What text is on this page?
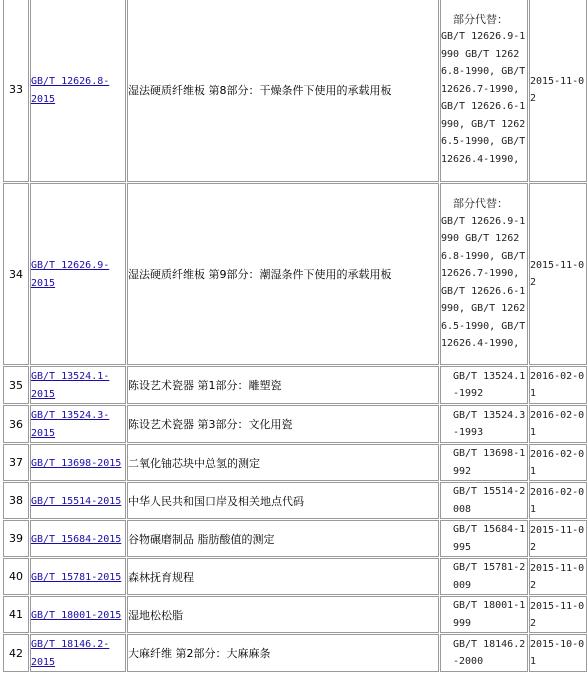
33	GB/T 12626.8-2015	湿法硬质纤维板 第8部分：干燥条件下使用的承载用板	部分代替：
GB/T 12626.9-1990 GB/T 12626.8-1990, GB/T 12626.7-1990, GB/T 12626.6-1990, GB/T 12626.5-1990, GB/T 12626.4-1990,	2015-11-02
34	GB/T 12626.9-2015	湿法硬质纤维板 第9部分：潮湿条件下使用的承载用板	部分代替：
GB/T 12626.9-1990 GB/T 12626.8-1990, GB/T 12626.7-1990, GB/T 12626.6-1990, GB/T 12626.5-1990, GB/T 12626.4-1990,	2015-11-02
35	GB/T 13524.1-2015	陈设艺术瓷器 第1部分：雕塑瓷	GB/T 13524.1-1992	2016-02-01
36	GB/T 13524.3-2015	陈设艺术瓷器 第3部分：文化用瓷	GB/T 13524.3-1993	2016-02-01
37	GB/T 13698-2015	二氧化铀芯块中总氢的测定	GB/T 13698-1992	2016-02-01
38	GB/T 15514-2015	中华人民共和国口岸及相关地点代码	GB/T 15514-2008	2016-02-01
39	GB/T 15684-2015	谷物碾磨制品 脂肪酸值的测定	GB/T 15684-1995	2015-11-02
40	GB/T 15781-2015	森林抚育规程	GB/T 15781-2009	2015-11-02
41	GB/T 18001-2015	湿地松松脂	GB/T 18001-1999	2015-11-02
42	GB/T 18146.2-2015	大麻纤维 第2部分：大麻麻条	GB/T 18146.2-2000	2015-10-01
